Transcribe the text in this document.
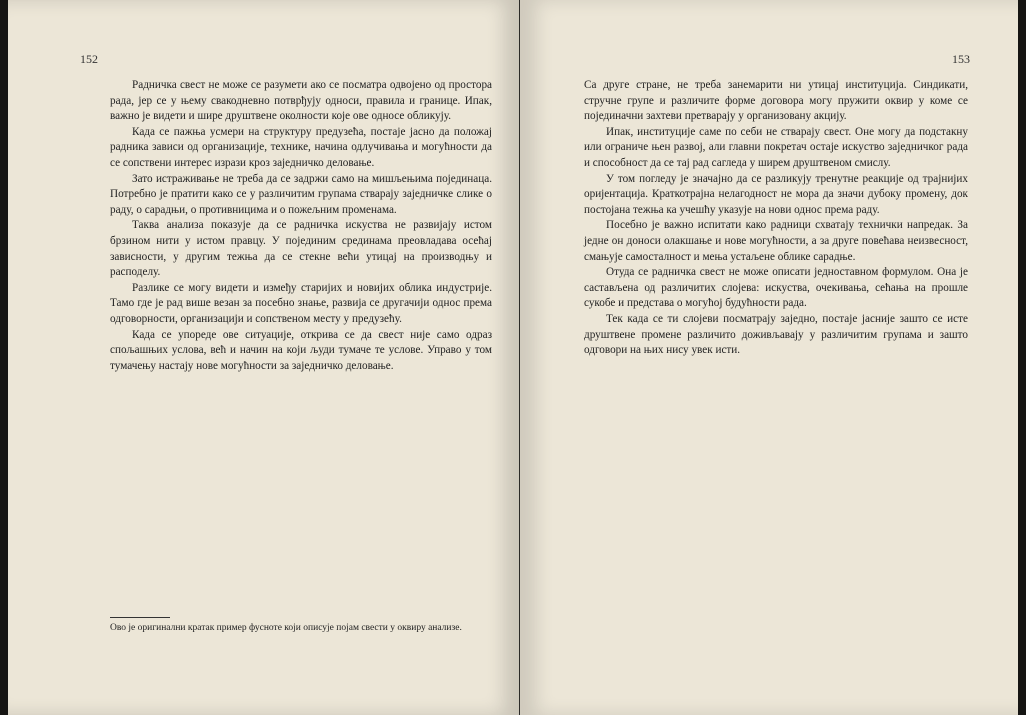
152

Радничка свест не може се разумети ако се посматра одвојено од простора рада, јер се у њему свакодневно потврђују односи, правила и границе. Ипак, важно је видети и шире друштвене околности које ове односе обликују.

Када се пажња усмери на структуру предузећа, постаје јасно да положај радника зависи од организације, технике, начина одлучивања и могућности да се сопствени интерес изрази кроз заједничко деловање.

Зато истраживање не треба да се задржи само на мишљењима појединаца. Потребно је пратити како се у различитим групама стварају заједничке слике о раду, о сарадњи, о противницима и о пожељним променама.

Таква анализа показује да се радничка искуства не развијају истом брзином нити у истом правцу. У појединим срединама преовладава осећај зависности, у другим тежња да се стекне већи утицај на производњу и расподелу.

Разлике се могу видети и између старијих и новијих облика индустрије. Тамо где је рад више везан за посебно знање, развија се другачији однос према одговорности, организацији и сопственом месту у предузећу.

Када се упореде ове ситуације, открива се да свест није само одраз спољашњих услова, већ и начин на који људи тумаче те услове. Управо у том тумачењу настају нове могућности за заједничко деловање.

Ово је оригинални кратак пример фусноте који описује појам свести у оквиру анализе.
153

Са друге стране, не треба занемарити ни утицај институција. Синдикати, стручне групе и различите форме договора могу пружити оквир у коме се појединачни захтеви претварају у организовану акцију.

Ипак, институције саме по себи не стварају свест. Оне могу да подстакну или ограниче њен развој, али главни покретач остаје искуство заједничког рада и способност да се тај рад сагледа у ширем друштвеном смислу.

У том погледу је значајно да се разликују тренутне реакције од трајнијих оријентација. Краткотрајна нелагодност не мора да значи дубоку промену, док постојана тежња ка учешћу указује на нови однос према раду.

Посебно је важно испитати како радници схватају технички напредак. За једне он доноси олакшање и нове могућности, а за друге повећава неизвесност, смањује самосталност и мења устаљене облике сарадње.

Отуда се радничка свест не може описати једноставном формулом. Она је састављена од различитих слојева: искуства, очекивања, сећања на прошле сукобе и представа о могућој будућности рада.

Тек када се ти слојеви посматрају заједно, постаје јасније зашто се исте друштвене промене различито доживљавају у различитим групама и зашто одговори на њих нису увек исти.
